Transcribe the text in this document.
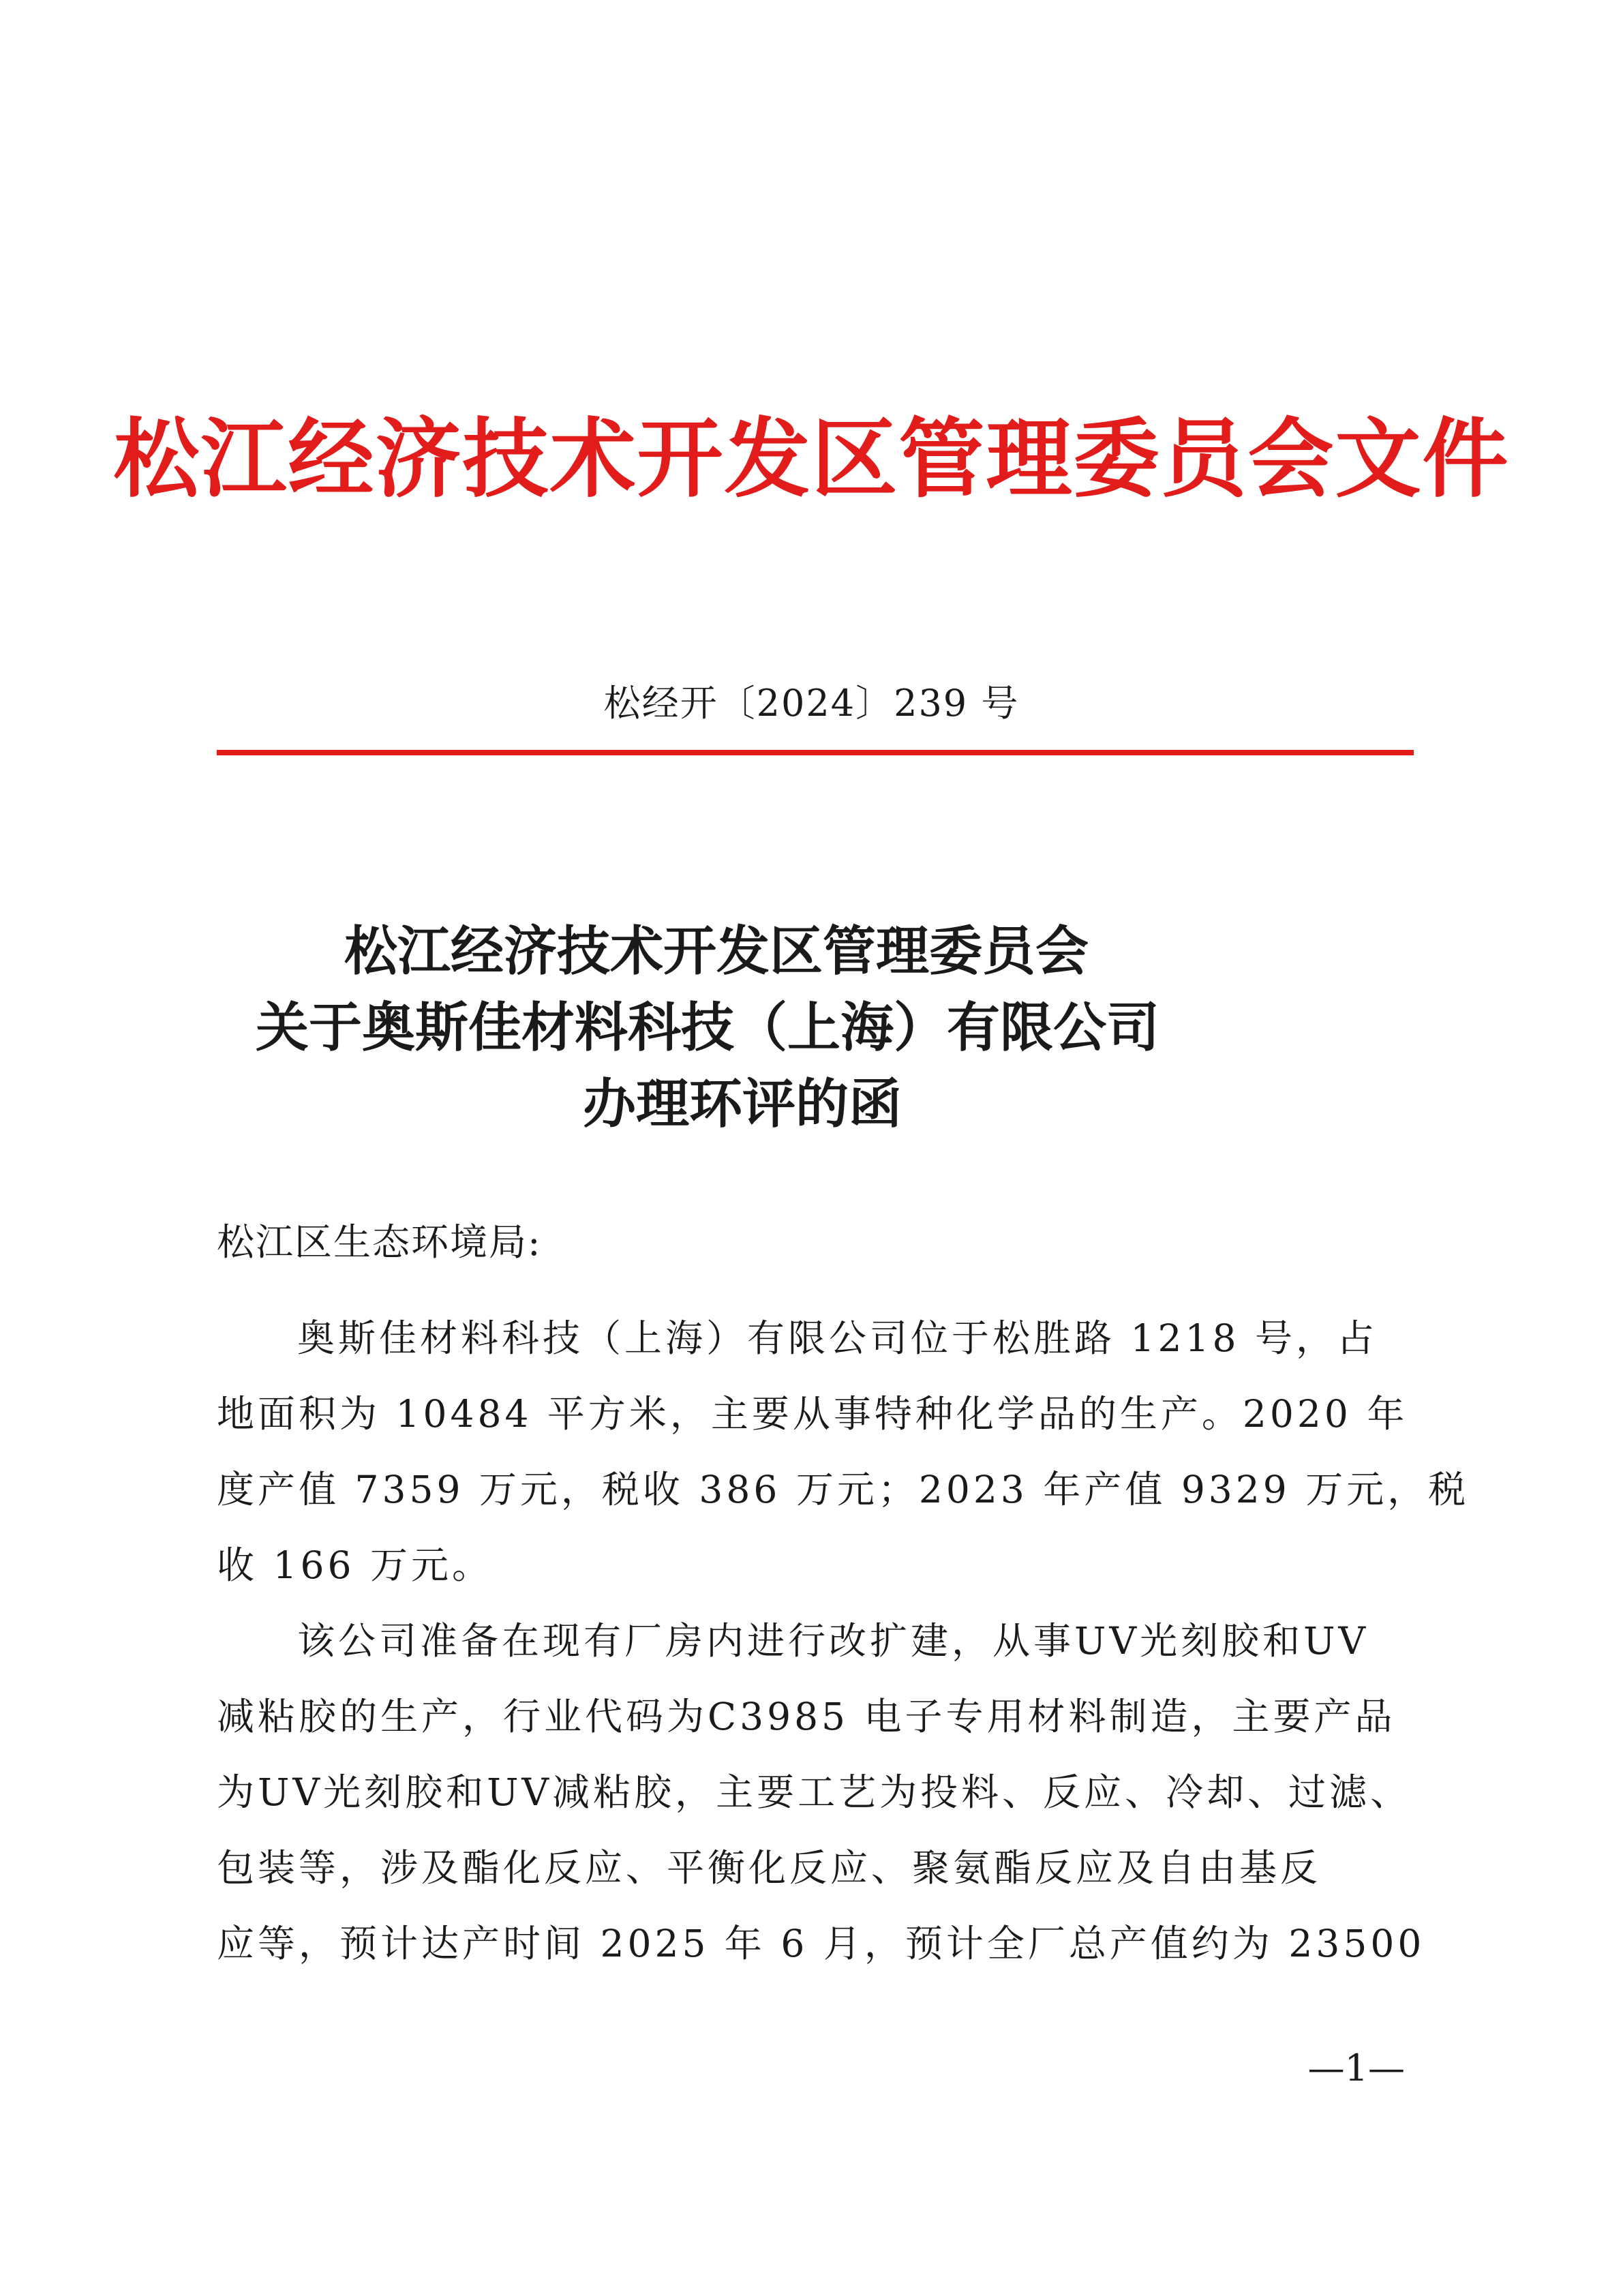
松江经济技术开发区管理委员会文件
松经开〔2024〕239 号
松江经济技术开发区管理委员会
关于奥斯佳材料科技（上海）有限公司
办理环评的函
松江区生态环境局:
奥斯佳材料科技（上海）有限公司位于松胜路 1218 号，占
地面积为 10484 平方米，主要从事特种化学品的生产。2020 年
度产值 7359 万元，税收 386 万元；2023 年产值 9329 万元，税
收 166 万元。
该公司准备在现有厂房内进行改扩建，从事UV光刻胶和UV
减粘胶的生产，行业代码为C3985 电子专用材料制造，主要产品
为UV光刻胶和UV减粘胶，主要工艺为投料、反应、冷却、过滤、
包装等，涉及酯化反应、平衡化反应、聚氨酯反应及自由基反
应等，预计达产时间 2025 年 6 月，预计全厂总产值约为 23500
—1—
